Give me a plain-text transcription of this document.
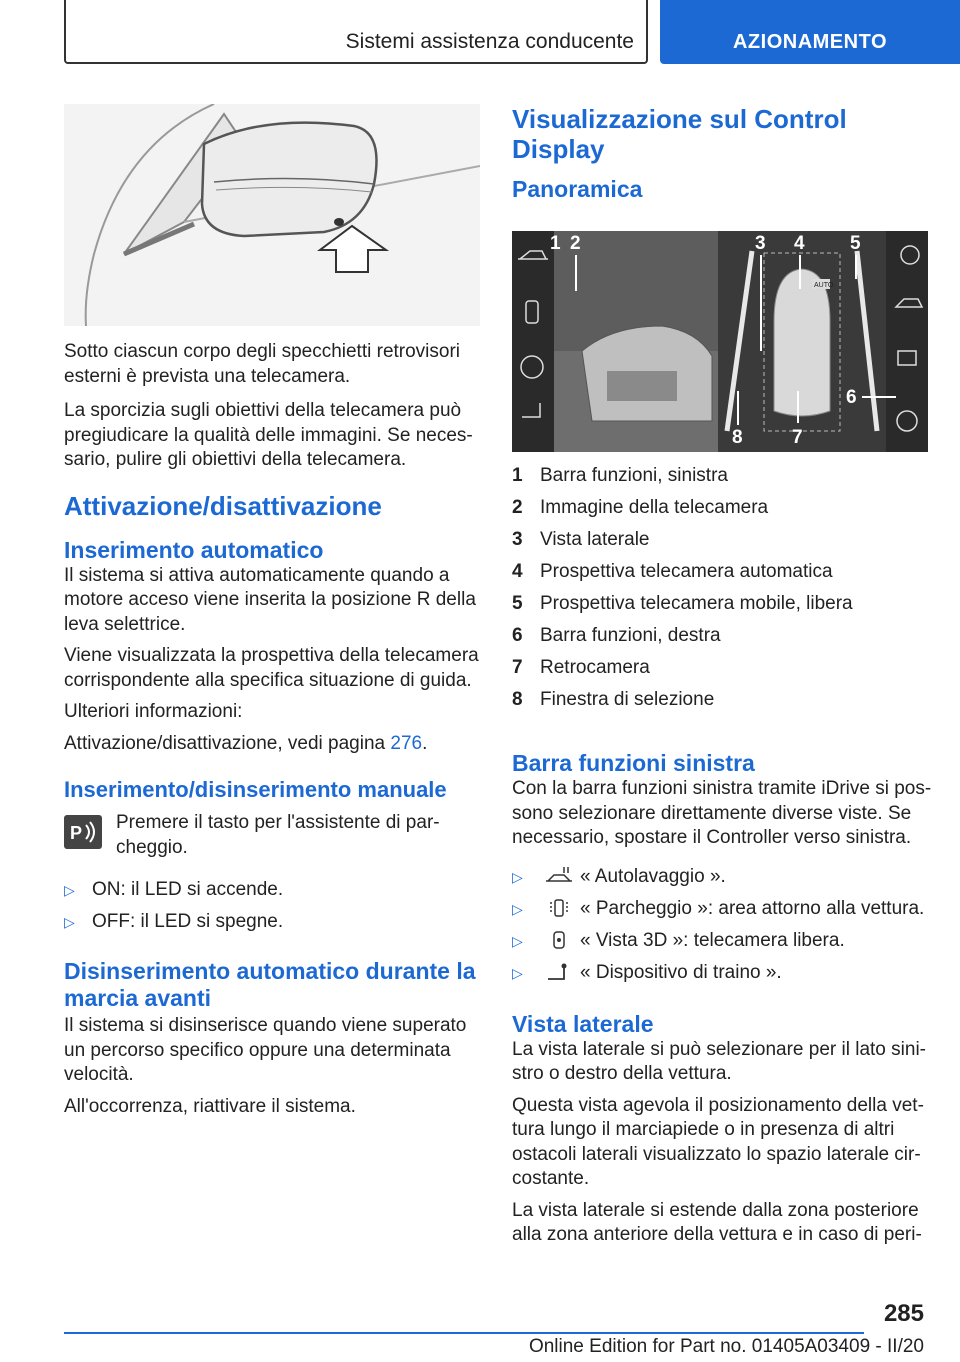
Sistemi assistenza conducente	AZIONAMENTO

Sotto ciascun corpo degli specchietti retrovisori esterni è prevista una telecamera.

La sporcizia sugli obiettivi della telecamera può pregiudicare la qualità delle immagini. Se neces-sario, pulire gli obiettivi della telecamera.

Attivazione/disattivazione
Inserimento automatico

Il sistema si attiva automaticamente quando a motore acceso viene inserita la posizione R della leva selettrice.

Viene visualizzata la prospettiva della telecamera corrispondente alla specifica situazione di guida.

Ulteriori informazioni:

Attivazione/disattivazione, vedi pagina 276.

Inserimento/disinserimento manuale
P Premere il tasto per l'assistente di par-cheggio.

▷ ON: il LED si accende.
▷ OFF: il LED si spegne.
Disinserimento automatico durante la marcia avanti

Il sistema si disinserisce quando viene superato un percorso specifico oppure una determinata velocità.

All'occorrenza, riattivare il sistema.

Visualizzazione sul Control Display
Panoramica
AUTO
1 2	3 4 5
6
7
8
1 Barra funzioni, sinistra
2 Immagine della telecamera
3 Vista laterale
4 Prospettiva telecamera automatica
5 Prospettiva telecamera mobile, libera
6 Barra funzioni, destra
7 Retrocamera
8 Finestra di selezione
Barra funzioni sinistra

Con la barra funzioni sinistra tramite iDrive si pos-sono selezionare direttamente diverse viste. Se necessario, spostare il Controller verso sinistra.

▷	« Autolavaggio ».
▷	« Parcheggio »: area attorno alla vettura.
▷	« Vista 3D »: telecamera libera.
▷	« Dispositivo di traino ».
Vista laterale

La vista laterale si può selezionare per il lato sini-stro o destro della vettura.

Questa vista agevola il posizionamento della vet-tura lungo il marciapiede o in presenza di altri ostacoli laterali visualizzato lo spazio laterale cir-costante.

La vista laterale si estende dalla zona posteriore alla zona anteriore della vettura e in caso di peri-

285
Online Edition for Part no. 01405A03409 - II/20
